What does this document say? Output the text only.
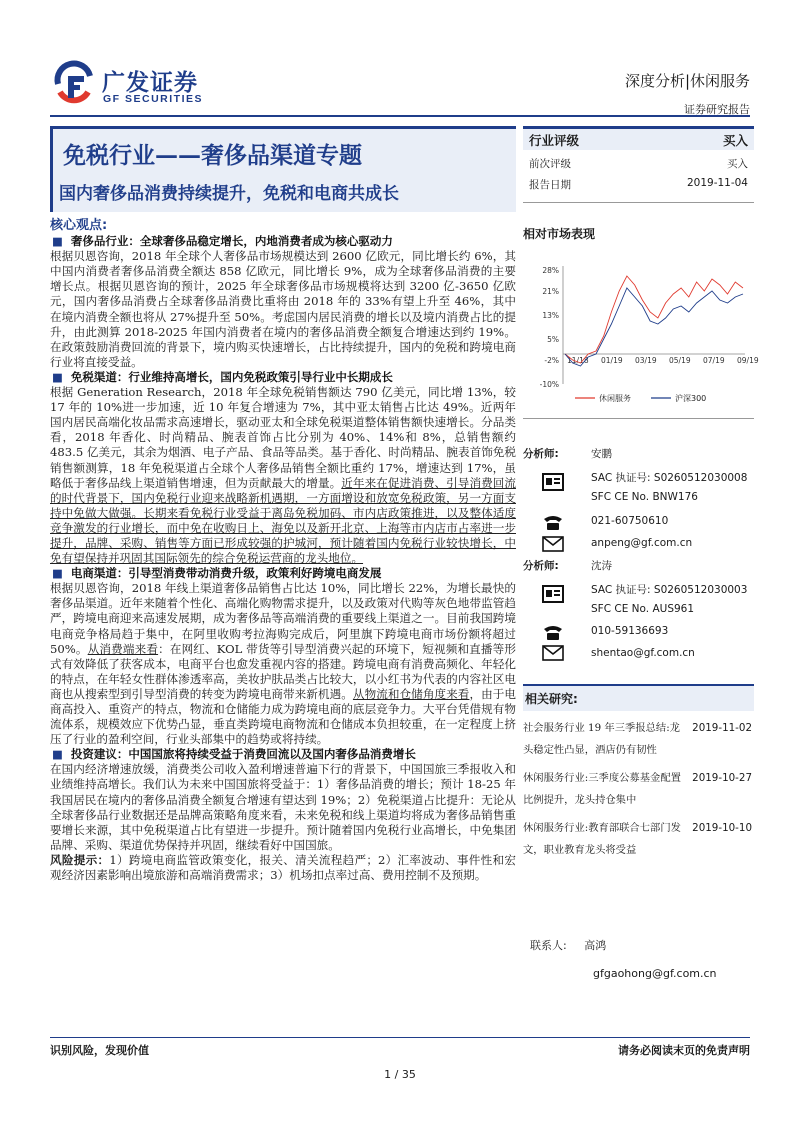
广发证券
GF SECURITIES
深度分析|休闲服务
证券研究报告
免税行业——奢侈品渠道专题
国内奢侈品消费持续提升，免税和电商共成长
核心观点:
■ 奢侈品行业：全球奢侈品稳定增长，内地消费者成为核心驱动力
根据贝恩咨询，2018 年全球个人奢侈品市场规模达到 2600 亿欧元，同比增长约 6%，其中国内消费者奢侈品消费全额达 858 亿欧元，同比增长 9%，成为全球奢侈品消费的主要增长点。根据贝恩咨询的预计，2025 年全球奢侈品市场规模将达到 3200 亿-3650 亿欧元，国内奢侈品消费占全球奢侈品消费比重将由 2018 年的 33%有望上升至 46%，其中在境内消费全额也将从 27%提升至 50%。考虑国内居民消费的增长以及境内消费占比的提升，由此测算 2018-2025 年国内消费者在境内的奢侈品消费全额复合增速达到约 19%。在政策鼓励消费回流的背景下，境内购买快速增长，占比持续提升，国内的免税和跨境电商行业将直接受益。
■ 免税渠道：行业维持高增长，国内免税政策引导行业中长期成长
根据 Generation Research，2018 年全球免税销售额达 790 亿美元，同比增 13%，较 17 年的 10%进一步加速，近 10 年复合增速为 7%，其中亚太销售占比达 49%。近两年国内居民高端化妆品需求高速增长，驱动亚太和全球免税渠道整体销售额快速增长。分品类看，2018 年香化、时尚精品、腕表首饰占比分别为 40%、14%和 8%，总销售额约 483.5 亿美元，其余为烟酒、电子产品、食品等品类。基于香化、时尚精品、腕表首饰免税销售额测算，18 年免税渠道占全球个人奢侈品销售全额比重约 17%，增速达到 17%，虽略低于奢侈品线上渠道销售增速，但为贡献最大的增量。近年来在促进消费、引导消费回流的时代背景下，国内免税行业迎来战略新机遇期，一方面增设和放宽免税政策，另一方面支持中免做大做强。长期来看免税行业受益于离岛免税加码、市内店政策推进，以及整体适度竞争激发的行业增长，而中免在收购日上、海免以及新开北京、上海等市内店市占率进一步提升，品牌、采购、销售等方面已形成较强的护城河，预计随着国内免税行业较快增长，中免有望保持并巩固其国际领先的综合免税运营商的龙头地位。
■ 电商渠道：引导型消费带动消费升级，政策利好跨境电商发展
根据贝恩咨询，2018 年线上渠道奢侈品销售占比达 10%，同比增长 22%，为增长最快的奢侈品渠道。近年来随着个性化、高端化购物需求提升，以及政策对代购等灰色地带监管趋严，跨境电商迎来高速发展期，成为奢侈品等高端消费的重要线上渠道之一。目前我国跨境电商竞争格局趋于集中，在阿里收购考拉海购完成后，阿里旗下跨境电商市场份额将超过 50%。从消费端来看：在网红、KOL 带货等引导型消费兴起的环境下，短视频和直播等形式有效降低了获客成本，电商平台也愈发重视内容的搭建。跨境电商有消费高频化、年轻化的特点，在年轻女性群体渗透率高，美妆护肤品类占比较大，以小红书为代表的内容社区电商也从搜索型到引导型消费的转变为跨境电商带来新机遇。从物流和仓储角度来看，由于电商高投入、重资产的特点，物流和仓储能力成为跨境电商的底层竞争力。大平台凭借规有物流体系，规模效应下优势凸显，垂直类跨境电商物流和仓储成本负担较重，在一定程度上挤压了行业的盈利空间，行业头部集中的趋势或将持续。
■ 投资建议：中国国旅将持续受益于消费回流以及国内奢侈品消费增长
在国内经济增速放缓，消费类公司收入盈利增速普遍下行的背景下，中国国旅三季报收入和业绩维持高增长。我们认为未来中国国旅将受益于：1）奢侈品消费的增长；预计 18-25 年我国居民在境内的奢侈品消费全额复合增速有望达到 19%；2）免税渠道占比提升：无论从全球奢侈品行业数据还是品牌高策略角度来看，未来免税和线上渠道均将成为奢侈品销售重要增长来源，其中免税渠道占比有望进一步提升。预计随着国内免税行业高增长，中免集团品牌、采购、渠道优势保持并巩固，继续看好中国国旅。
风险提示：1）跨境电商监管政策变化，报关、清关流程趋严；2）汇率波动、事件性和宏观经济因素影响出境旅游和高端消费需求；3）机场扣点率过高、费用控制不及预期。
行业评级	买入
前次评级	买入
报告日期	2019-11-04
相对市场表现
28%
21%
13%
5%
-2%
-10%
11/18 01/19 03/19 05/19 07/19 09/19
休闲服务	沪深300
分析师:	安鹏
SAC 执证号: S0260512030008
SFC CE No. BNW176
021-60750610
anpeng@gf.com.cn
分析师:	沈涛
SAC 执证号: S0260512030003
SFC CE No. AUS961
010-59136693
shentao@gf.com.cn
相关研究:
社会服务行业 19 年三季报总结:龙头稳定性凸显，酒店仍有韧性
2019-11-02
休闲服务行业:三季度公募基金配置比例提升，龙头持仓集中
2019-10-27
休闲服务行业:教育部联合七部门发文，职业教育龙头将受益
2019-10-10
联系人: 高鸿
gfgaohong@gf.com.cn
识别风险，发现价值	请务必阅读末页的免责声明
1 / 35
